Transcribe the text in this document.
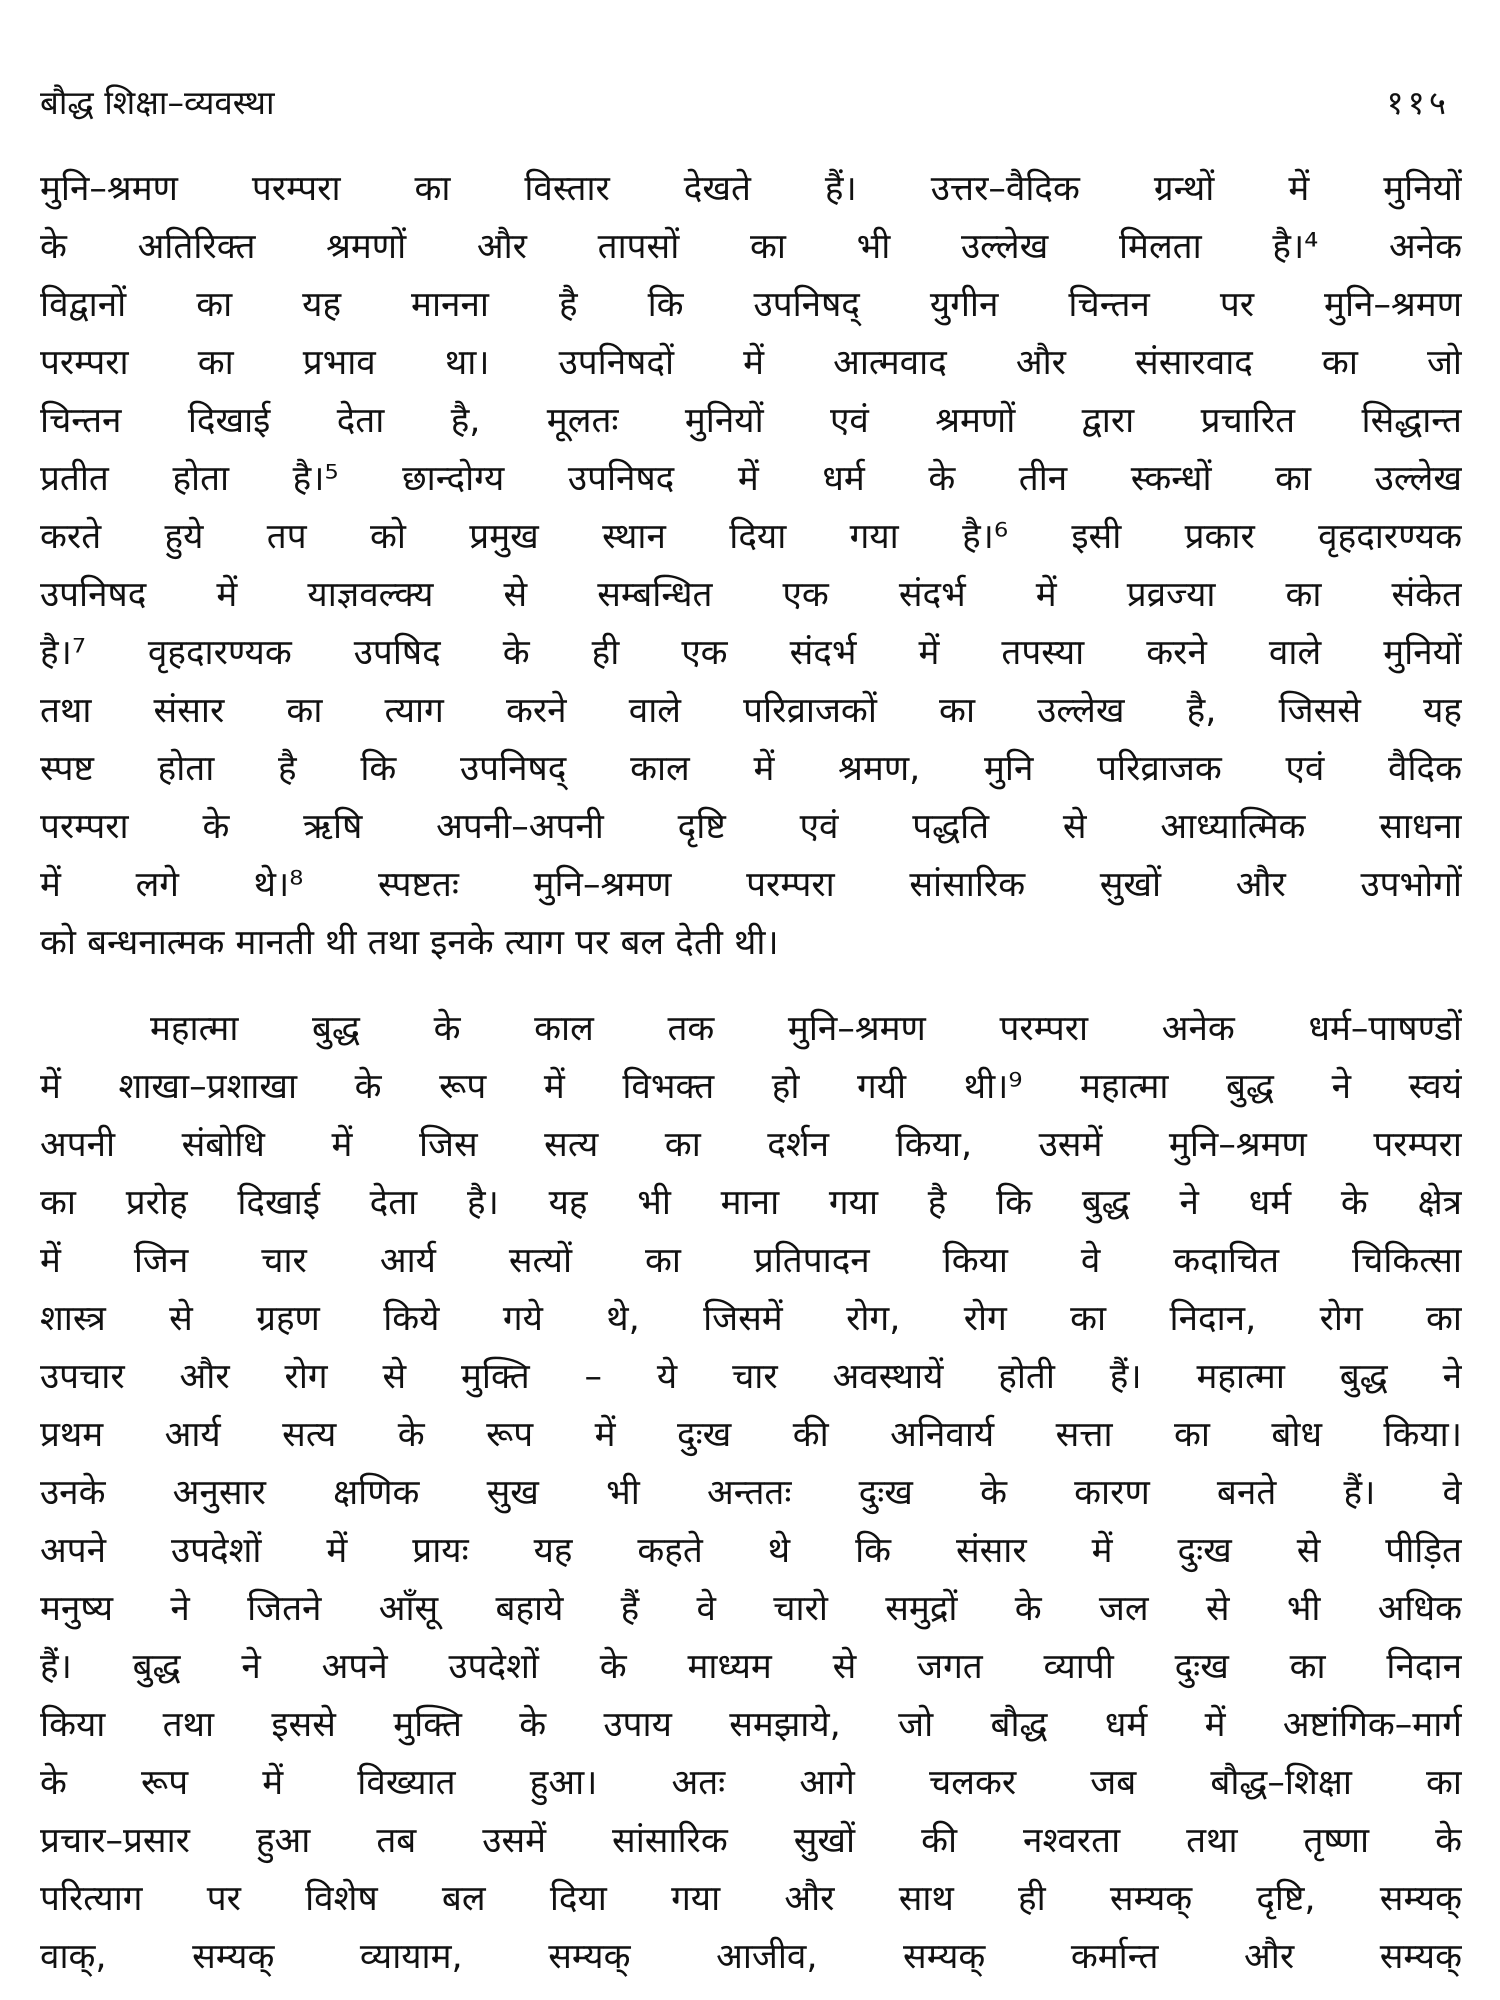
बौद्ध शिक्षा–व्यवस्था	११५
मुनि–श्रमण परम्परा का विस्तार देखते हैं। उत्तर–वैदिक ग्रन्थों में मुनियों
के अतिरिक्त श्रमणों और तापसों का भी उल्लेख मिलता है।⁴ अनेक
विद्वानों का यह मानना है कि उपनिषद् युगीन चिन्तन पर मुनि–श्रमण
परम्परा का प्रभाव था। उपनिषदों में आत्मवाद और संसारवाद का जो
चिन्तन दिखाई देता है, मूलतः मुनियों एवं श्रमणों द्वारा प्रचारित सिद्धान्त
प्रतीत होता है।⁵ छान्दोग्य उपनिषद में धर्म के तीन स्कन्धों का उल्लेख
करते हुये तप को प्रमुख स्थान दिया गया है।⁶ इसी प्रकार वृहदारण्यक
उपनिषद में याज्ञवल्क्य से सम्बन्धित एक संदर्भ में प्रव्रज्या का संकेत
है।⁷ वृहदारण्यक उपषिद के ही एक संदर्भ में तपस्या करने वाले मुनियों
तथा संसार का त्याग करने वाले परिव्राजकों का उल्लेख है, जिससे यह
स्पष्ट होता है कि उपनिषद् काल में श्रमण, मुनि परिव्राजक एवं वैदिक
परम्परा के ऋषि अपनी–अपनी दृष्टि एवं पद्धति से आध्यात्मिक साधना
में लगे थे।⁸ स्पष्टतः मुनि–श्रमण परम्परा सांसारिक सुखों और उपभोगों
को बन्धनात्मक मानती थी तथा इनके त्याग पर बल देती थी।
महात्मा बुद्ध के काल तक मुनि–श्रमण परम्परा अनेक धर्म–पाषण्डों
में शाखा–प्रशाखा के रूप में विभक्त हो गयी थी।⁹ महात्मा बुद्ध ने स्वयं
अपनी संबोधि में जिस सत्य का दर्शन किया, उसमें मुनि–श्रमण परम्परा
का प्ररोह दिखाई देता है। यह भी माना गया है कि बुद्ध ने धर्म के क्षेत्र
में जिन चार आर्य सत्यों का प्रतिपादन किया वे कदाचित चिकित्सा
शास्त्र से ग्रहण किये गये थे, जिसमें रोग, रोग का निदान, रोग का
उपचार और रोग से मुक्ति – ये चार अवस्थायें होती हैं। महात्मा बुद्ध ने
प्रथम आर्य सत्य के रूप में दुःख की अनिवार्य सत्ता का बोध किया।
उनके अनुसार क्षणिक सुख भी अन्ततः दुःख के कारण बनते हैं। वे
अपने उपदेशों में प्रायः यह कहते थे कि संसार में दुःख से पीड़ित
मनुष्य ने जितने आँसू बहाये हैं वे चारो समुद्रों के जल से भी अधिक
हैं। बुद्ध ने अपने उपदेशों के माध्यम से जगत व्यापी दुःख का निदान
किया तथा इससे मुक्ति के उपाय समझाये, जो बौद्ध धर्म में अष्टांगिक–मार्ग
के रूप में विख्यात हुआ। अतः आगे चलकर जब बौद्ध–शिक्षा का
प्रचार–प्रसार हुआ तब उसमें सांसारिक सुखों की नश्वरता तथा तृष्णा के
परित्याग पर विशेष बल दिया गया और साथ ही सम्यक् दृष्टि, सम्यक्
वाक्, सम्यक् व्यायाम, सम्यक् आजीव, सम्यक् कर्मान्त और सम्यक्
